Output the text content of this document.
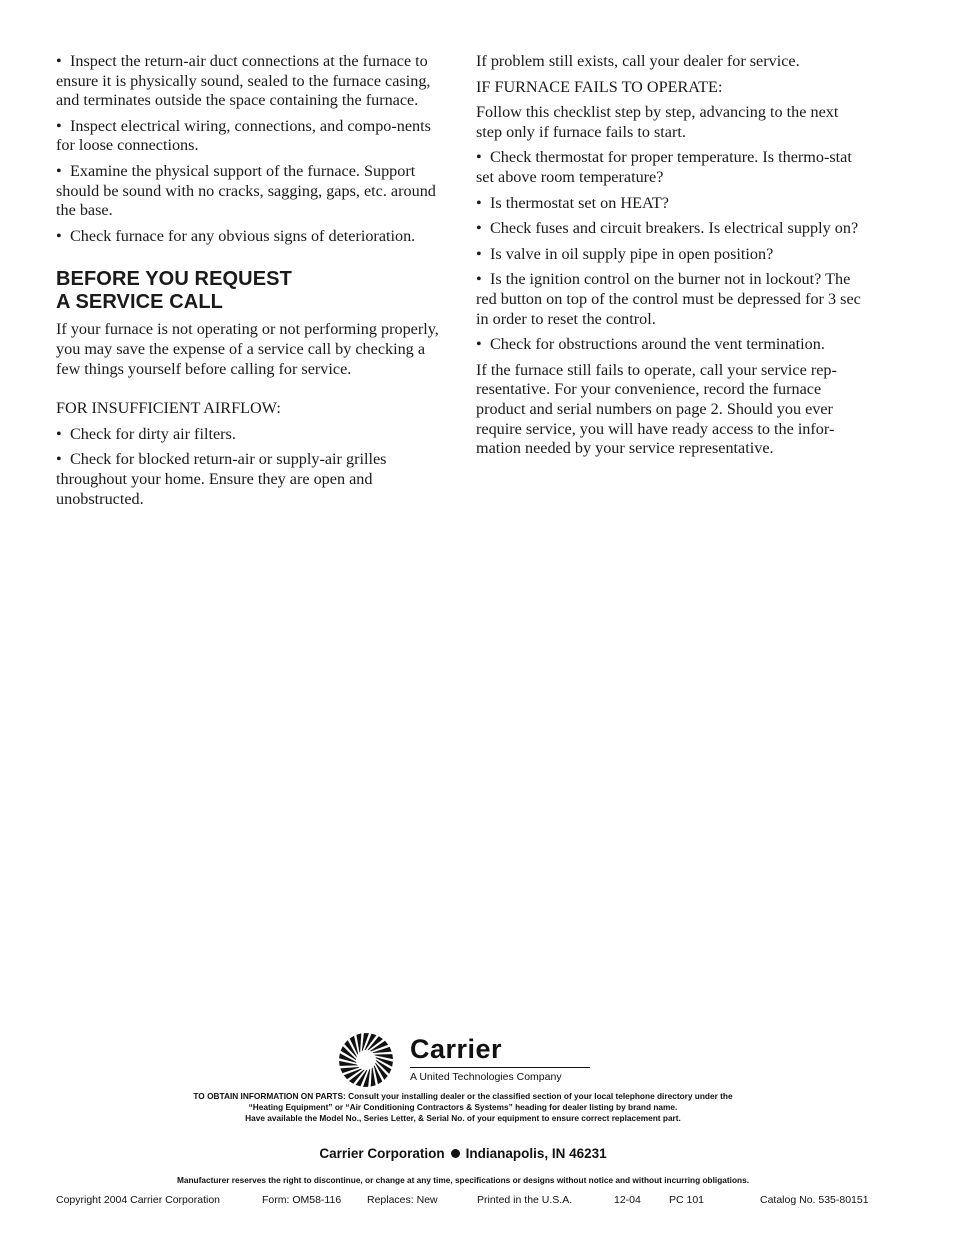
• Inspect the return-air duct connections at the furnace to ensure it is physically sound, sealed to the furnace casing, and terminates outside the space containing the furnace.
• Inspect electrical wiring, connections, and compo-nents for loose connections.
• Examine the physical support of the furnace. Support should be sound with no cracks, sagging, gaps, etc. around the base.
• Check furnace for any obvious signs of deterioration.
BEFORE YOU REQUEST
A SERVICE CALL

If your furnace is not operating or not performing properly, you may save the expense of a service call by checking a few things yourself before calling for service.

FOR INSUFFICIENT AIRFLOW:

• Check for dirty air filters.
• Check for blocked return-air or supply-air grilles throughout your home. Ensure they are open and unobstructed.

If problem still exists, call your dealer for service.

IF FURNACE FAILS TO OPERATE:

Follow this checklist step by step, advancing to the next step only if furnace fails to start.

• Check thermostat for proper temperature. Is thermo-stat set above room temperature?
• Is thermostat set on HEAT?
• Check fuses and circuit breakers. Is electrical supply on?
• Is valve in oil supply pipe in open position?
• Is the ignition control on the burner not in lockout? The red button on top of the control must be depressed for 3 sec in order to reset the control.
• Check for obstructions around the vent termination.

If the furnace still fails to operate, call your service rep-resentative. For your convenience, record the furnace product and serial numbers on page 2. Should you ever require service, you will have ready access to the infor-mation needed by your service representative.

Carrier
A United Technologies Company
TO OBTAIN INFORMATION ON PARTS: Consult your installing dealer or the classified section of your local telephone directory under the
“Heating Equipment” or “Air Conditioning Contractors & Systems” heading for dealer listing by brand name.
Have available the Model No., Series Letter, & Serial No. of your equipment to ensure correct replacement part.
Carrier Corporation Indianapolis, IN 46231
Manufacturer reserves the right to discontinue, or change at any time, specifications or designs without notice and without incurring obligations.
Copyright 2004 Carrier Corporation	Form: OM58-116 Replaces: New	Printed in the U.S.A.	12-04	PC 101	Catalog No. 535-80151
